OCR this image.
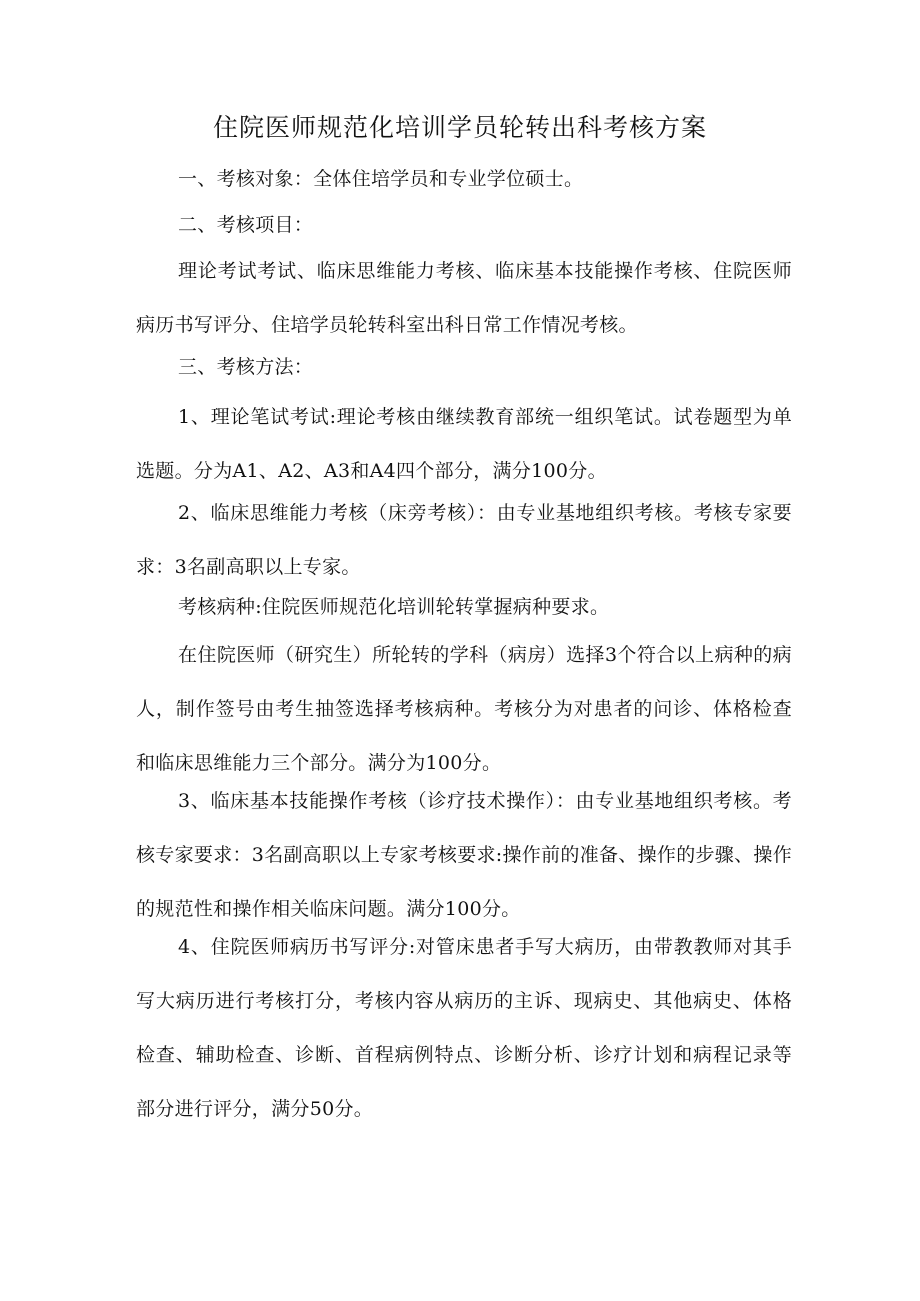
住院医师规范化培训学员轮转出科考核方案

一、考核对象：全体住培学员和专业学位硕士。

二、考核项目：

理论考试考试、临床思维能力考核、临床基本技能操作考核、住院医师病历书写评分、住培学员轮转科室出科日常工作情况考核。

三、考核方法：

1、理论笔试考试:理论考核由继续教育部统一组织笔试。试卷题型为单选题。分为A1、A2、A3和A4四个部分，满分100分。

2、临床思维能力考核（床旁考核）：由专业基地组织考核。考核专家要求：3名副高职以上专家。

考核病种:住院医师规范化培训轮转掌握病种要求。

在住院医师（研究生）所轮转的学科（病房）选择3个符合以上病种的病人，制作签号由考生抽签选择考核病种。考核分为对患者的问诊、体格检查和临床思维能力三个部分。满分为100分。

3、临床基本技能操作考核（诊疗技术操作）：由专业基地组织考核。考核专家要求：3名副高职以上专家考核要求:操作前的准备、操作的步骤、操作的规范性和操作相关临床问题。满分100分。

4、住院医师病历书写评分:对管床患者手写大病历，由带教教师对其手写大病历进行考核打分，考核内容从病历的主诉、现病史、其他病史、体格检查、辅助检查、诊断、首程病例特点、诊断分析、诊疗计划和病程记录等部分进行评分，满分50分。
